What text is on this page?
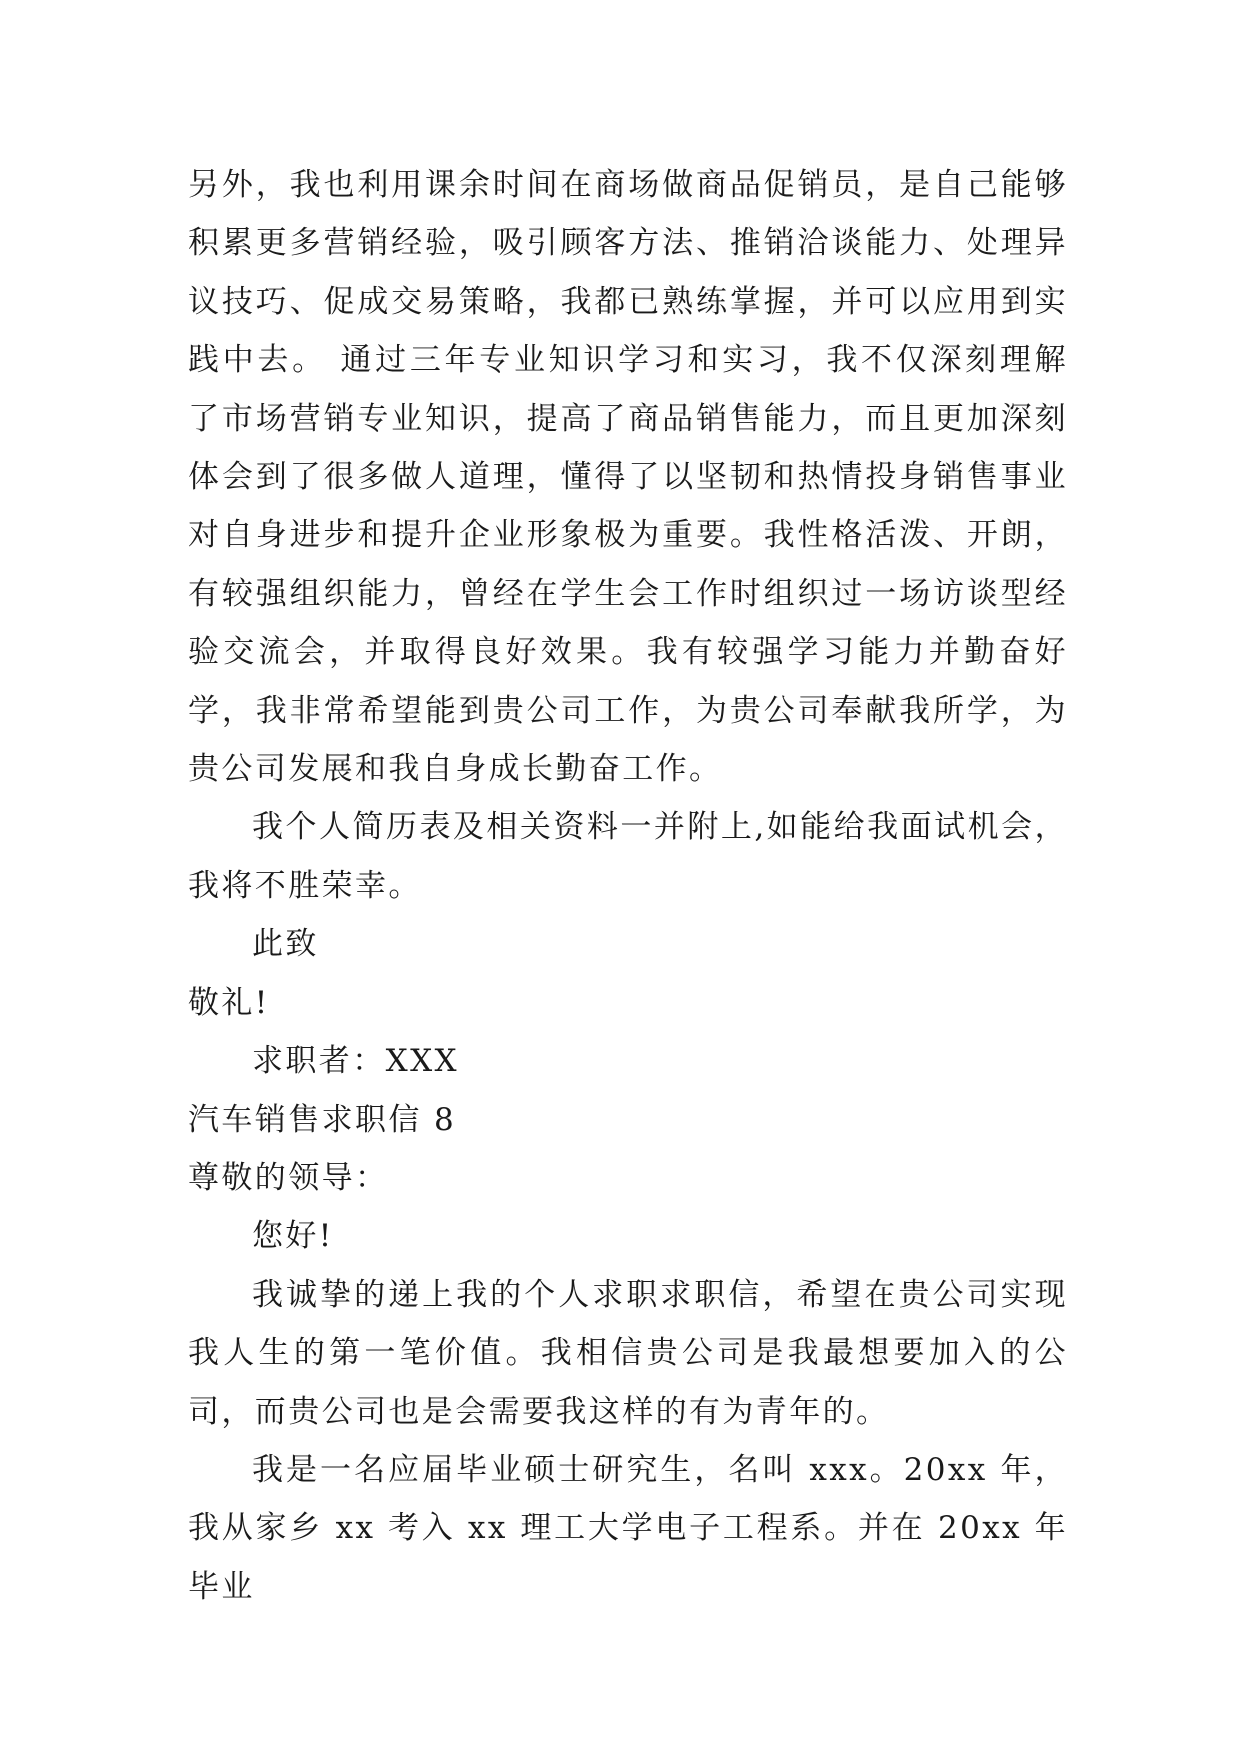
另外，我也利用课余时间在商场做商品促销员，是自己能够积累更多营销经验，吸引顾客方法、推销洽谈能力、处理异议技巧、促成交易策略，我都已熟练掌握，并可以应用到实践中去。 通过三年专业知识学习和实习，我不仅深刻理解了市场营销专业知识，提高了商品销售能力，而且更加深刻体会到了很多做人道理，懂得了以坚韧和热情投身销售事业对自身进步和提升企业形象极为重要。我性格活泼、开朗，有较强组织能力，曾经在学生会工作时组织过一场访谈型经验交流会，并取得良好效果。我有较强学习能力并勤奋好学，我非常希望能到贵公司工作，为贵公司奉献我所学，为贵公司发展和我自身成长勤奋工作。

我个人简历表及相关资料一并附上,如能给我面试机会，我将不胜荣幸。

此致

敬礼!

求职者：XXX

汽车销售求职信 8

尊敬的领导：

您好!

我诚挚的递上我的个人求职求职信，希望在贵公司实现我人生的第一笔价值。我相信贵公司是我最想要加入的公司，而贵公司也是会需要我这样的有为青年的。

我是一名应届毕业硕士研究生，名叫 xxx。20xx 年，我从家乡 xx 考入 xx 理工大学电子工程系。并在 20xx 年毕业
